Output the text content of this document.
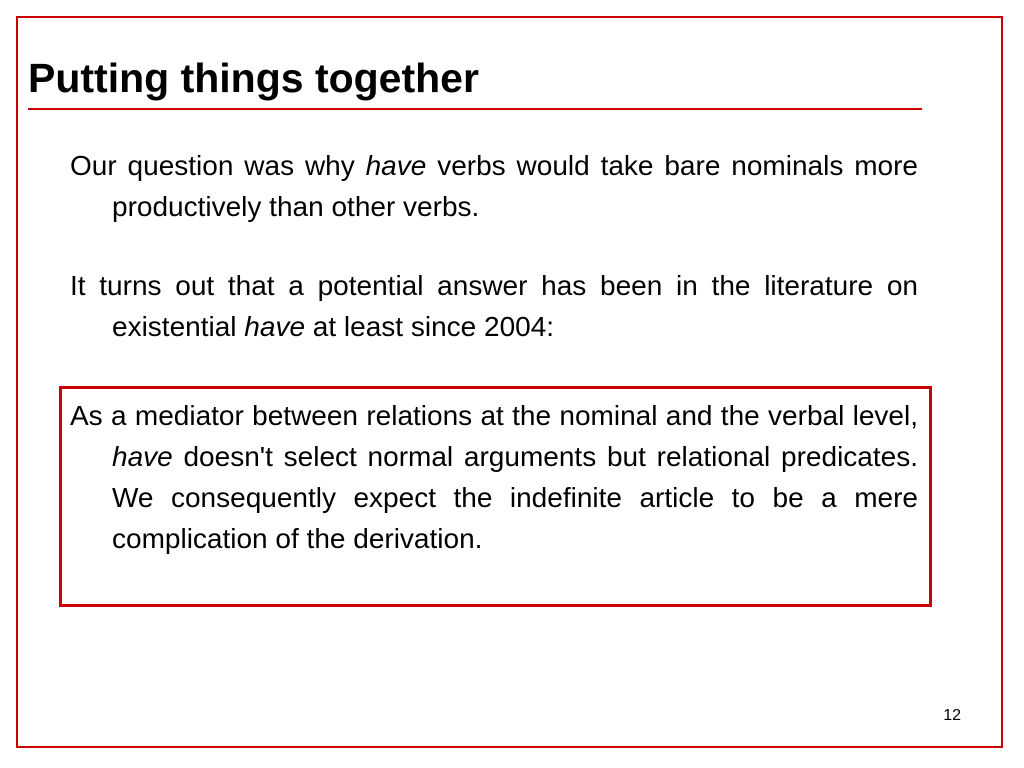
Putting things together

Our question was why have verbs would take bare nominals more productively than other verbs.

It turns out that a potential answer has been in the literature on existential have at least since 2004:

As a mediator between relations at the nominal and the verbal level, have doesn't select normal arguments but relational predicates. We consequently expect the indefinite article to be a mere complication of the derivation.

12
